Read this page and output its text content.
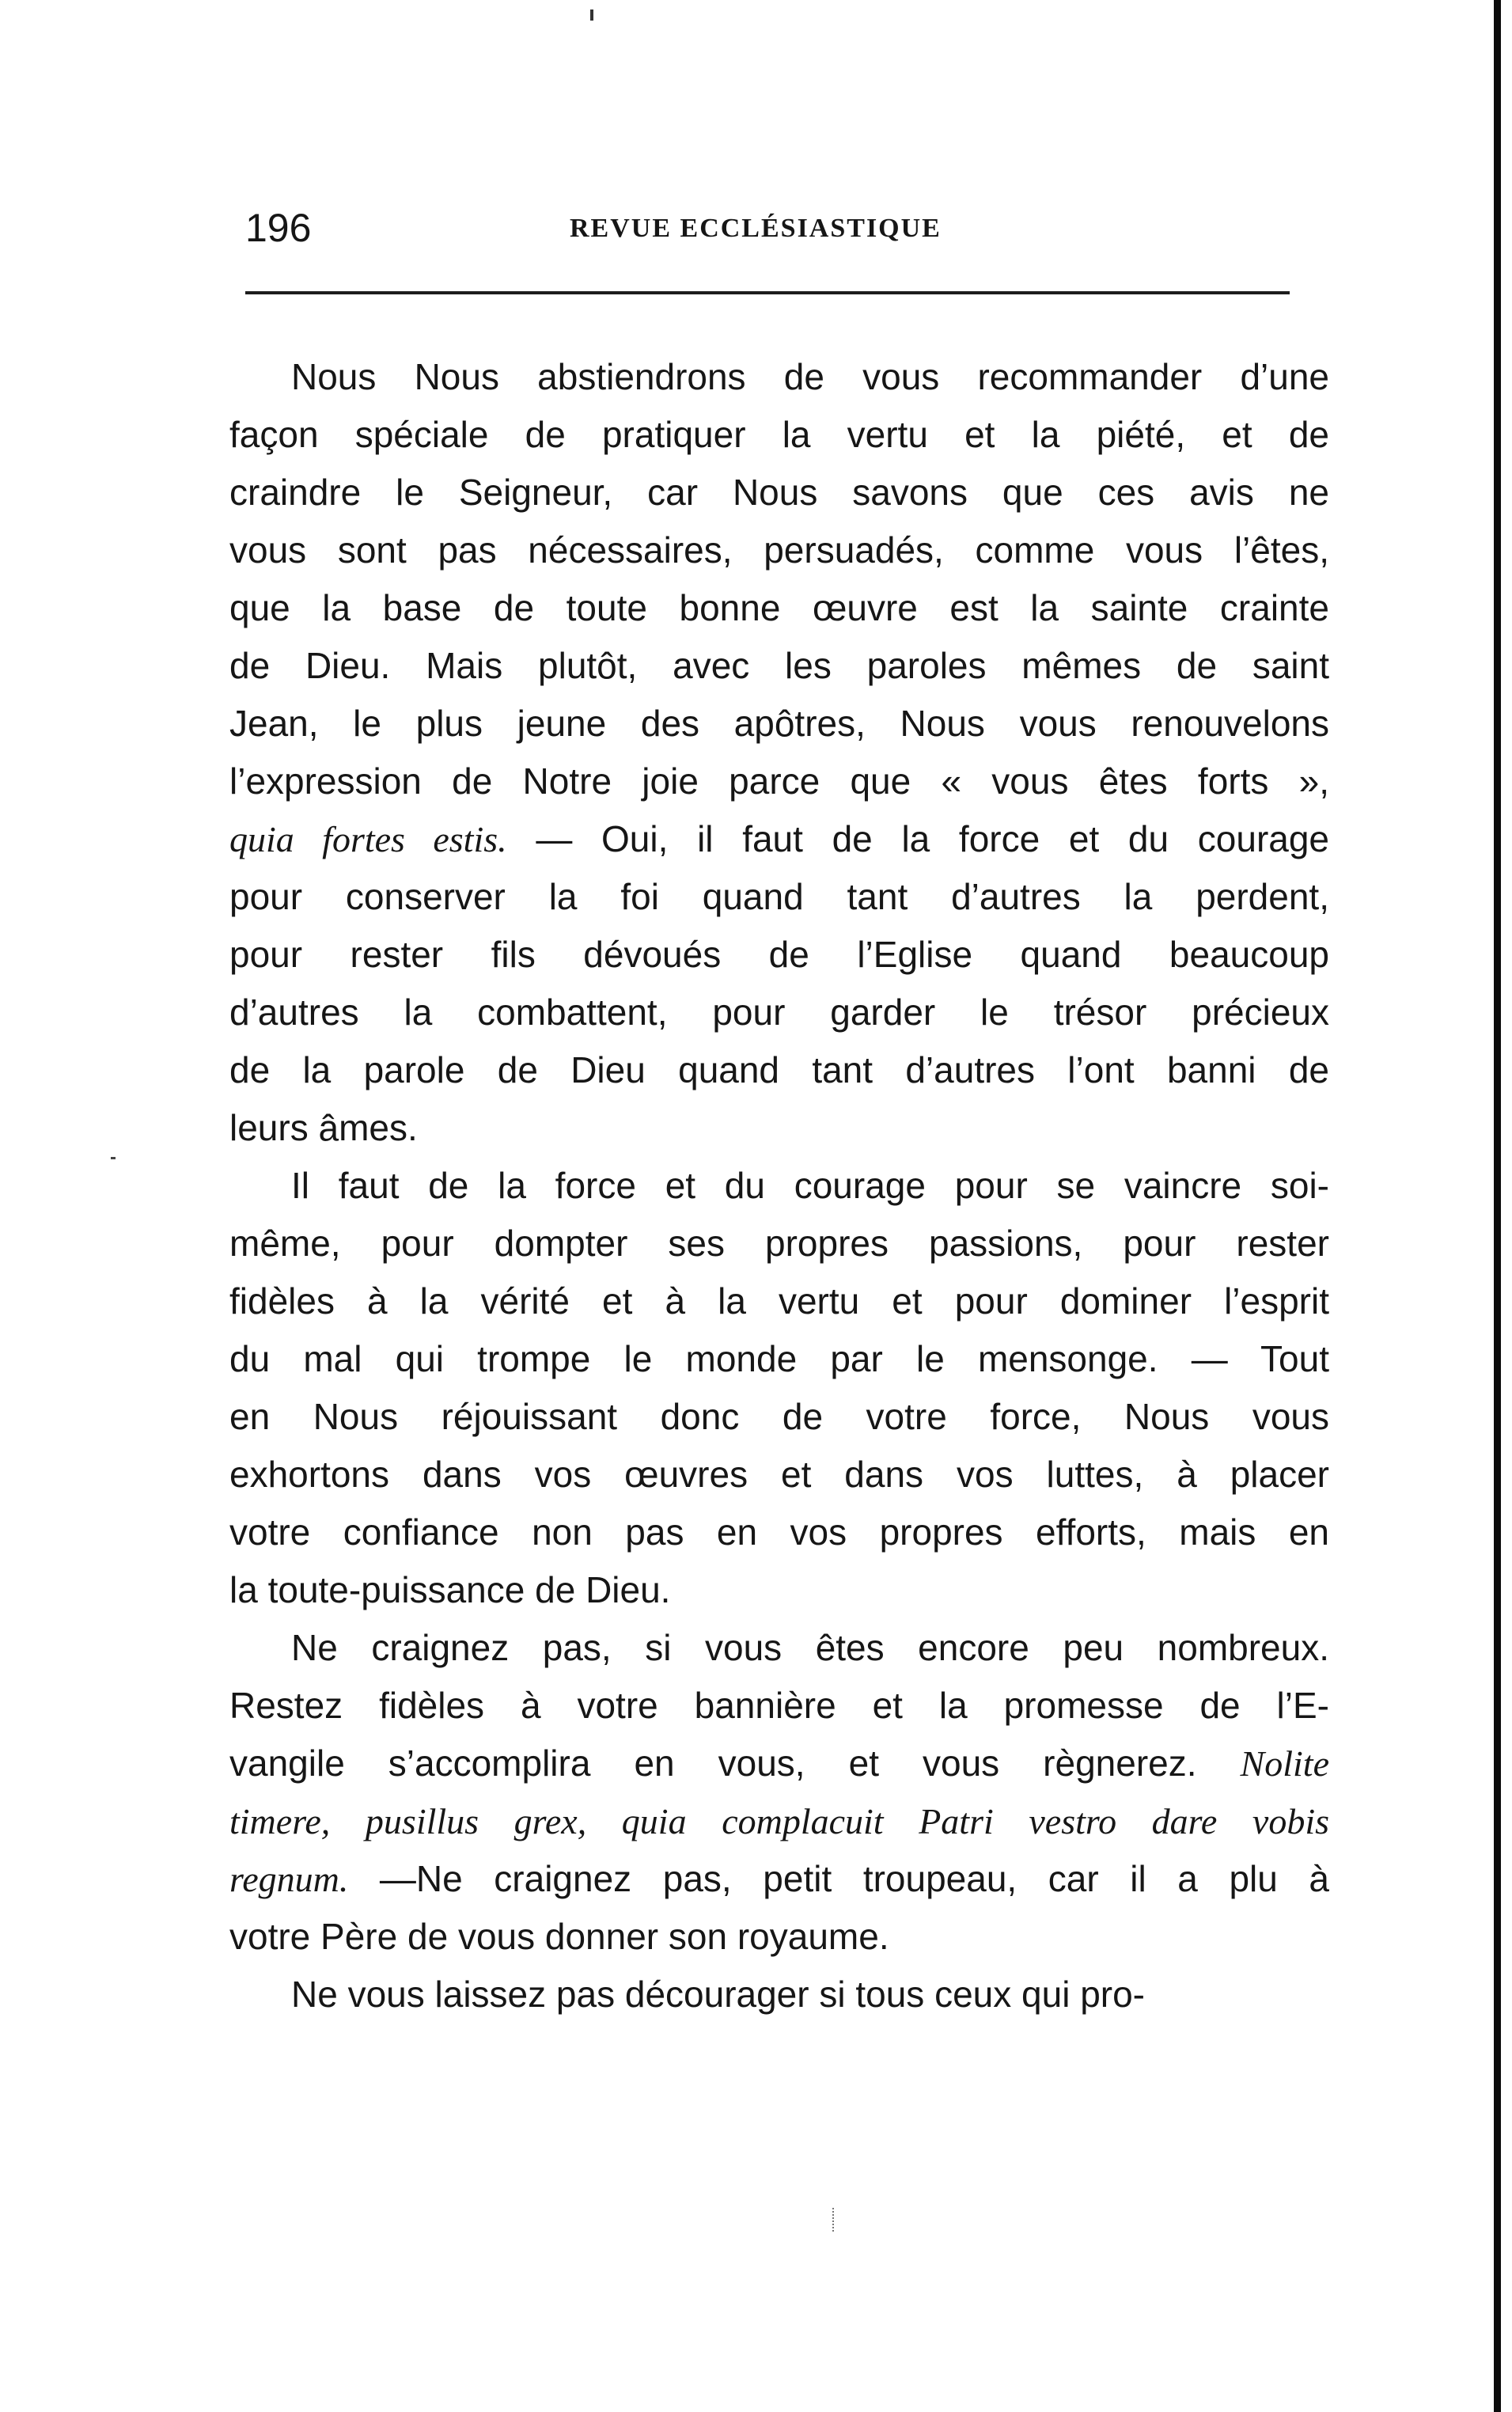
196	REVUE ECCLÉSIASTIQUE
Nous Nous abstiendrons de vous recommander d’une
façon spéciale de pratiquer la vertu et la piété, et de
craindre le Seigneur, car Nous savons que ces avis ne
vous sont pas nécessaires, persuadés, comme vous l’êtes,
que la base de toute bonne œuvre est la sainte crainte
de Dieu. Mais plutôt, avec les paroles mêmes de saint
Jean, le plus jeune des apôtres, Nous vous renouvelons
l’expression de Notre joie parce que « vous êtes forts »,
quia fortes estis. — Oui, il faut de la force et du courage
pour conserver la foi quand tant d’autres la perdent,
pour rester fils dévoués de l’Eglise quand beaucoup
d’autres la combattent, pour garder le trésor précieux
de la parole de Dieu quand tant d’autres l’ont banni de
leurs âmes.
Il faut de la force et du courage pour se vaincre soi-
même, pour dompter ses propres passions, pour rester
fidèles à la vérité et à la vertu et pour dominer l’esprit
du mal qui trompe le monde par le mensonge. — Tout
en Nous réjouissant donc de votre force, Nous vous
exhortons dans vos œuvres et dans vos luttes, à placer
votre confiance non pas en vos propres efforts, mais en
la toute-puissance de Dieu.
Ne craignez pas, si vous êtes encore peu nombreux.
Restez fidèles à votre bannière et la promesse de l’E-
vangile s’accomplira en vous, et vous règnerez. Nolite
timere, pusillus grex, quia complacuit Patri vestro dare vobis
regnum. —Ne craignez pas, petit troupeau, car il a plu à
votre Père de vous donner son royaume.
Ne vous laissez pas décourager si tous ceux qui pro-
